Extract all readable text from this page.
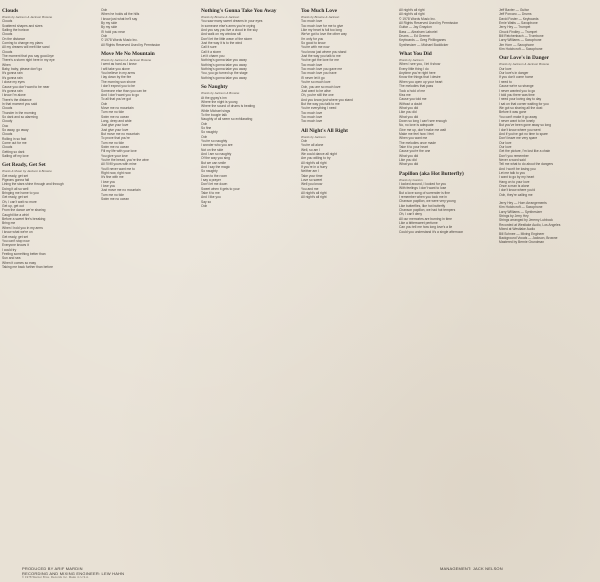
Clouds
Words by Jackson & Jackson Browne
Clouds
Scattered shapes and sizes
Sailing the horizon
Clouds
On the distance
Coming to change my plans
All my dreams will melt like sand
Clouds
The moment that you say good-bye
There's a storm right here in my eye
When
Baby, baby, please don't go
It's gonna rain
It's gonna rain
I close my eyes
Cause you don't want to be near
It's gonna rain
I know I'm alone
There's the distance
In that moment you said
Clouds
Thunder in the morning
So dark and so alarming
Cloudy
Ooo
So away, go away
Clouds
Rolling in so fast
Come out for me
Clouds
Getting so dark
Sailing off my love
Get Ready, Get Set
Words & Music by Jackson & Browne
Get ready, get set
Pigeons gonna fall
Lining the stars shine through and through
Doing it all so well
Bringing me home to you
Get ready, get set
Oh, I can't wait no more
Get up, get out
From the dance we're sharing
Caught like a whirl
Before a sweet fire's breaking
Bring me
When I hold you in my arms
I know what we're on
Get ready, get set
You can't stop now
Everyone knows it
I could try
Feeling something better than
Sun and sea
When it comes so easy
Taking me back further than before
Ooh
When he holds all the hills
I know just what he'll say
By my side
By my side
I'll hold you near
Ooh
© 1978 Words Music Inc.
All Rights Reserved Used by Permission
Move Me No Mountain
Words by Jackson & Jackson Browne
I went as hard as I knew
I will take you alone
You believe in my arms
I lay down by the fire
The morning sun shone
I don't expect you to be
Someone else than you can be
And I don't want you to go
To all that you've got
Ooh
Move me no mountain
Turn me no tide
Swim me no ocean
Long, deep and wide
Just give your love
Just give your love
But move me no mountain
To prove that you're
Turn me no tide
Swim me no ocean
Fill my life with your love
You give your love
You're the bread, you're the wine
All I'll fill yours with mine
You'll never want me to
Right now, right now
It's fine with me
I love you
I love you
Just move me no mountain
Turn me no tide
Swim me no ocean
Nothing's Gonna Take You Away
Words by Browne & Jackson
You saw many sweet dreams in your eyes
In someone else's arms you're crying
And you say you live a cloud in the sky
And walk on my window sill
Don't let the little wave of the storm
Just the way it is to the wind
Call it sure
Call it a storm
Let it charm you
Nothing's gonna take you away
Nothing's gonna take you away
Nothing's gonna take you away
You, you go turned up the stage
Nothing's gonna take you away
So Naughty
Words by Jackson & Browne
At the gypsy's inn
Where the night is young
Where the sound of drums is beating
While Michael sings
To the boogie talk
Naughty of all seem so exhilarating
Ooh
So fine
So naughty
Ooh
You're so naughty
I wonder who you are
Not on the side
And I am so naughty
Of the way you sing
But we can smile
And I say the magic
So naughty
Down to the room
I say a prayer
Don't let me down
Sweet when it gets to your
Take it to me
And I like you
Say so
Ooh
Too Much Love
Words by Browne & Jackson
Too much love
Too much love for me to give
Like my heart is full too long
We've got to love the other way
I'm only for you
So good to know
You're with me now
You know just where you stand
Just the way you talk to me
You've got the love for me
Too much love
Too much love you gave me
Too much love you have
I'll never let it go
You're so much love
Ooh, you are so much love
Just want to be alive
Oh, you're still the one
And you know just where you stand
But the way you talk to me
You're everything I need
Too much love
Too much love
Too much love
All Night's All Right
Words by Jackson
Ooh
You're all alone
Well, so am I
We could dance all night
Are you willing to try
All night's all right
If you're in a hurry
Neither am I
Take your time
Love so sweet
Well you know
You and me
All night's all right
All night's all right
All night's all right
All night's all right
© 1978 Words Music Inc.
All Rights Reserved Used by Permission
Guitar — Jay Graydon
Bass — Abraham Laboriel
Drums — Ed Greene
Keyboards — Greg Phillinganes
Synthesizer — Michael Boddicker
What You Did
Words by Jackson
When I see you, I let it show
Every little thing I do
Anytime you're right here
Know the things that I desire
When you open up your heart
The melodies that pass
Took a hold of me
Kiss me
Cause you told me
Without a doubt
What you did
Like you did
What you did
Down so long I can't see enough
No, no love is adequate
Give me up, don't make me wait
Make me feel how I feel
When you want me
The melodies once made
Take it to your heart
Cause you're the one
What you did
Like you did
What you did
Papillon (aka Hot Butterfly)
Words by Gordon
I looked around, I looked for you
With feelings I don't want to lose
But a love song of surrender is fine
I remember when you took me in
Chanson papillon, we were very young
Like butterflies, like hot butterfly
Chanson papillon, we had hot tempers
Oh, I can't deny
All our memories are burning in time
Like a bittersweet perfume
Can you tell me how long love's a lie
Could you understand it's a single afternoon
Jeff Baxter — Guitar
Jeff Porcaro — Drums
David Foster — Keyboards
Ernie Watts — Saxophone
Jerry Hey — Trumpet
Chuck Findley — Trumpet
Bill Reichenbach — Trombone
Larry Williams — Saxophone
Jim Horn — Saxophone
Kim Hutchcroft — Saxophone
Our Love's in Danger
Words by Jackson & Jackson Browne
Our love
Our love's in danger
If you don't come home
I need to
Cause we're so strange
I never wanted you to go
I told you there was time
I need your loving day to day
I sat on that corner waiting for you
We got so sharing all the dust
Before it was gone
You can't make it go away
I never want to be lonely
But you've been gone away so long
I don't know where you went
And if you've got no time to spare
Don't leave me very spare
Our love
Our love
Get the picture, I'm lost like a chain
Don't you remember
Never a word said
Tell me what to do about the dangers
And I won't be losing you
Let me talk to you
I want to go by my heart
Hang on to your love
Once a man is alone
I don't know where you'd
Ooh, they're calling me
Jerry Hey — Horn Arrangements
Kim Hutchcroft — Saxophone
Larry Williams — Synthesizer
Strings by Jerry Hey
Strings arranged by Jeremy Lubbock
Recorded at Westlake Audio, Los Angeles
Mixed at Westlake Audio
Bill Schnee — Mixing Engineer
Background Vocals — Jackson, Browne
Mastered by Bernie Grundman
PRODUCED BY ARIF MARDIN
RECORDING AND MIXING ENGINEER: LEW HAHN
© 1978 Warner Bros. Records Inc. Made in U.S.A.
MANAGEMENT: JACK NELSON
